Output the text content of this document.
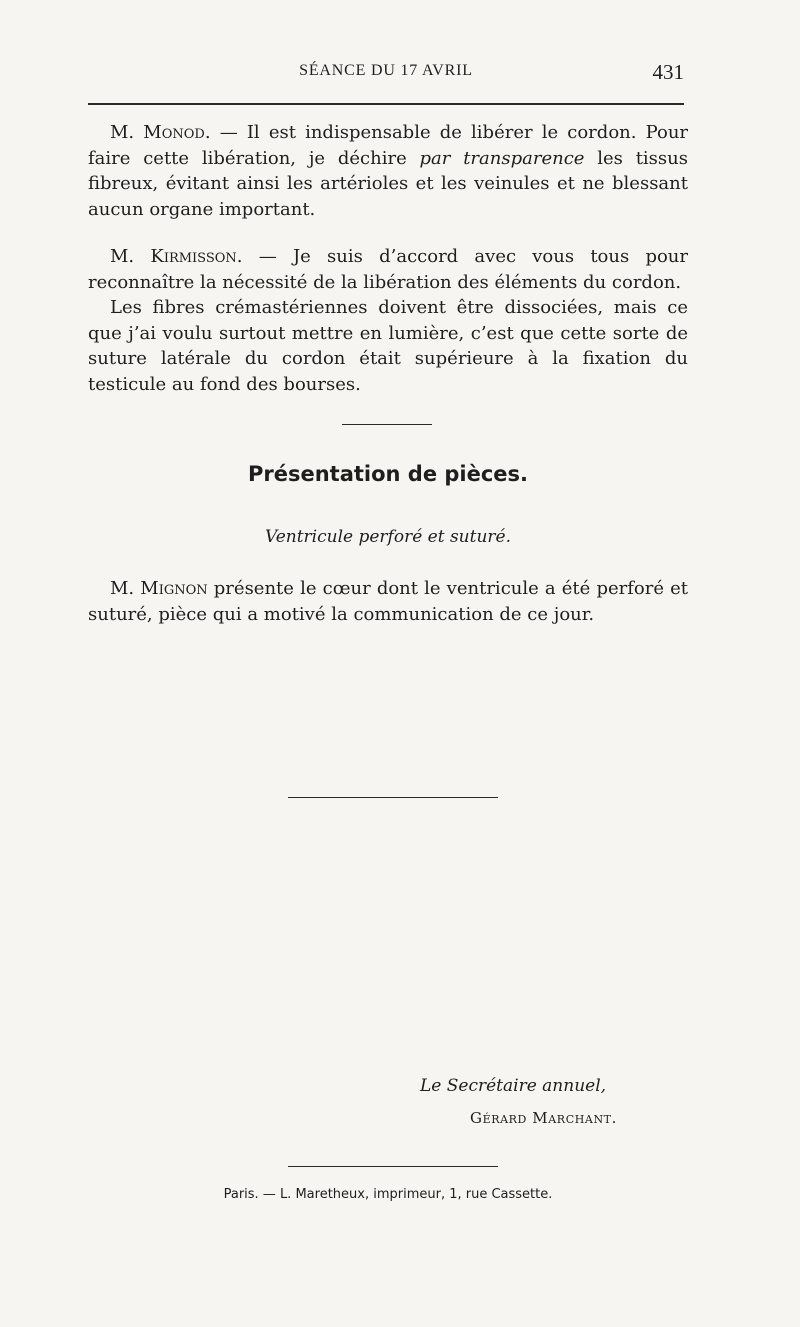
SÉANCE DU 17 AVRIL	431

M. Monod. — Il est indispensable de libérer le cordon. Pour faire cette libération, je déchire par transparence les tissus fibreux, évitant ainsi les artérioles et les veinules et ne blessant aucun organe important.

M. Kirmisson. — Je suis d’accord avec vous tous pour reconnaître la nécessité de la libération des éléments du cordon.

Les fibres crémastériennes doivent être dissociées, mais ce que j’ai voulu surtout mettre en lumière, c’est que cette sorte de suture latérale du cordon était supérieure à la fixation du testicule au fond des bourses.

Présentation de pièces.
Ventricule perforé et suturé.

M. Mignon présente le cœur dont le ventricule a été perforé et suturé, pièce qui a motivé la communication de ce jour.

Le Secrétaire annuel,
Gérard Marchant.
Paris. — L. Maretheux, imprimeur, 1, rue Cassette.
